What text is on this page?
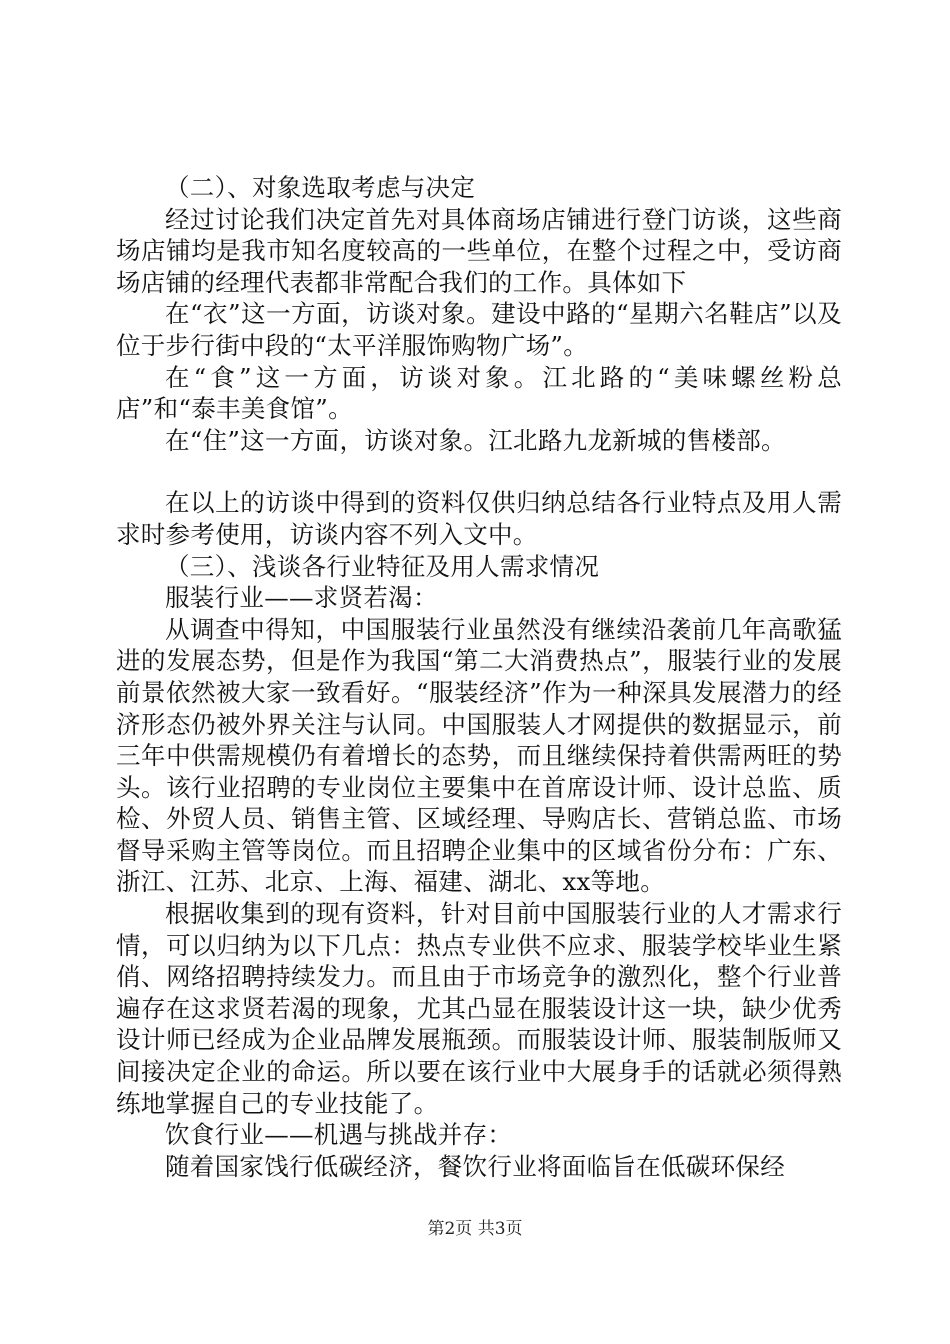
（二）、对象选取考虑与决定

经过讨论我们决定首先对具体商场店铺进行登门访谈，这些商场店铺均是我市知名度较高的一些单位，在整个过程之中，受访商场店铺的经理代表都非常配合我们的工作。具体如下

在“衣”这一方面，访谈对象。建设中路的“星期六名鞋店”以及位于步行街中段的“太平洋服饰购物广场”。

在“食”这一方面，访谈对象。江北路的“美味螺丝粉总店”和“泰丰美食馆”。

在“住”这一方面，访谈对象。江北路九龙新城的售楼部。

在以上的访谈中得到的资料仅供归纳总结各行业特点及用人需求时参考使用，访谈内容不列入文中。

（三）、浅谈各行业特征及用人需求情况

服装行业——求贤若渴：

从调查中得知，中国服装行业虽然没有继续沿袭前几年高歌猛进的发展态势，但是作为我国“第二大消费热点”，服装行业的发展前景依然被大家一致看好。“服装经济”作为一种深具发展潜力的经济形态仍被外界关注与认同。中国服装人才网提供的数据显示，前三年中供需规模仍有着增长的态势，而且继续保持着供需两旺的势头。该行业招聘的专业岗位主要集中在首席设计师、设计总监、质检、外贸人员、销售主管、区域经理、导购店长、营销总监、市场督导采购主管等岗位。而且招聘企业集中的区域省份分布：广东、浙江、江苏、北京、上海、福建、湖北、xx等地。

根据收集到的现有资料，针对目前中国服装行业的人才需求行情，可以归纳为以下几点：热点专业供不应求、服装学校毕业生紧俏、网络招聘持续发力。而且由于市场竞争的激烈化，整个行业普遍存在这求贤若渴的现象，尤其凸显在服装设计这一块，缺少优秀设计师已经成为企业品牌发展瓶颈。而服装设计师、服装制版师又间接决定企业的命运。所以要在该行业中大展身手的话就必须得熟练地掌握自己的专业技能了。

饮食行业——机遇与挑战并存：

随着国家饯行低碳经济，餐饮行业将面临旨在低碳环保经

第2页 共3页
